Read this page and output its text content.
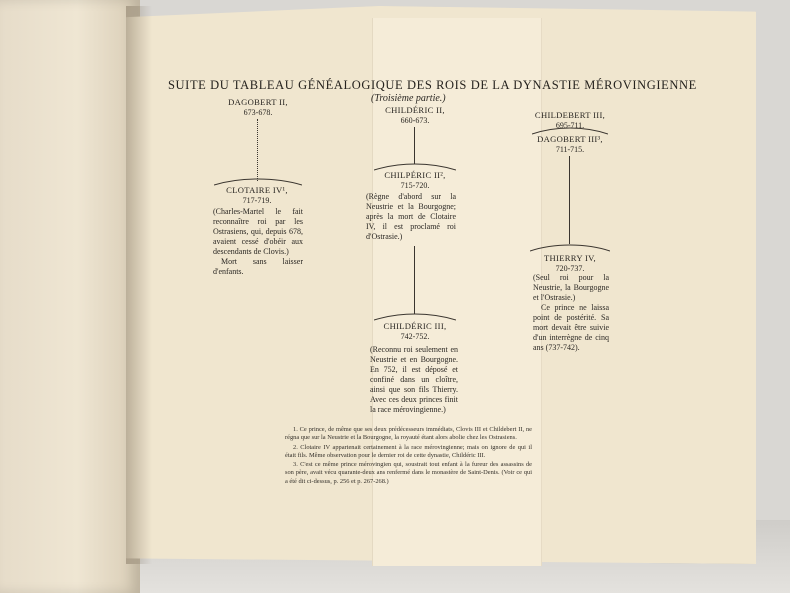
SUITE DU TABLEAU GÉNÉALOGIQUE DES ROIS DE LA DYNASTIE MÉROVINGIENNE
(Troisième partie.)
DAGOBERT II,
673-678.
CLOTAIRE IV¹,
717-719.
(Charles-Martel le fait reconnaître roi par les Ostrasiens, qui, depuis 678, avaient cessé d'obéir aux descendants de Clovis.)
Mort sans laisser d'enfants.
CHILDÉRIC II,
660-673.
CHILPÉRIC II²,
715-720.
(Règne d'abord sur la Neustrie et la Bourgogne; après la mort de Clotaire IV, il est proclamé roi d'Ostrasie.)
CHILDÉRIC III,
742-752.
(Reconnu roi seulement en Neustrie et en Bourgogne. En 752, il est déposé et confiné dans un cloître, ainsi que son fils Thierry. Avec ces deux princes finit la race mérovingienne.)
CHILDEBERT III,
695-711.
DAGOBERT III³,
711-715.
THIERRY IV,
720-737.
(Seul roi pour la Neustrie, la Bourgogne et l'Ostrasie.)
Ce prince ne laissa point de postérité. Sa mort devait être suivie d'un interrègne de cinq ans (737-742).

1. Ce prince, de même que ses deux prédécesseurs immédiats, Clovis III et Childebert II, ne régna que sur la Neustrie et la Bourgogne, la royauté étant alors abolie chez les Ostrasiens.

2. Clotaire IV appartenait certainement à la race mérovingienne; mais on ignore de qui il était fils. Même observation pour le dernier roi de cette dynastie, Childéric III.

3. C'est ce même prince mérovingien qui, soustrait tout enfant à la fureur des assassins de son père, avait vécu quarante-deux ans renfermé dans le monastère de Saint-Denis. (Voir ce qui a été dit ci-dessus, p. 256 et p. 267-268.)
